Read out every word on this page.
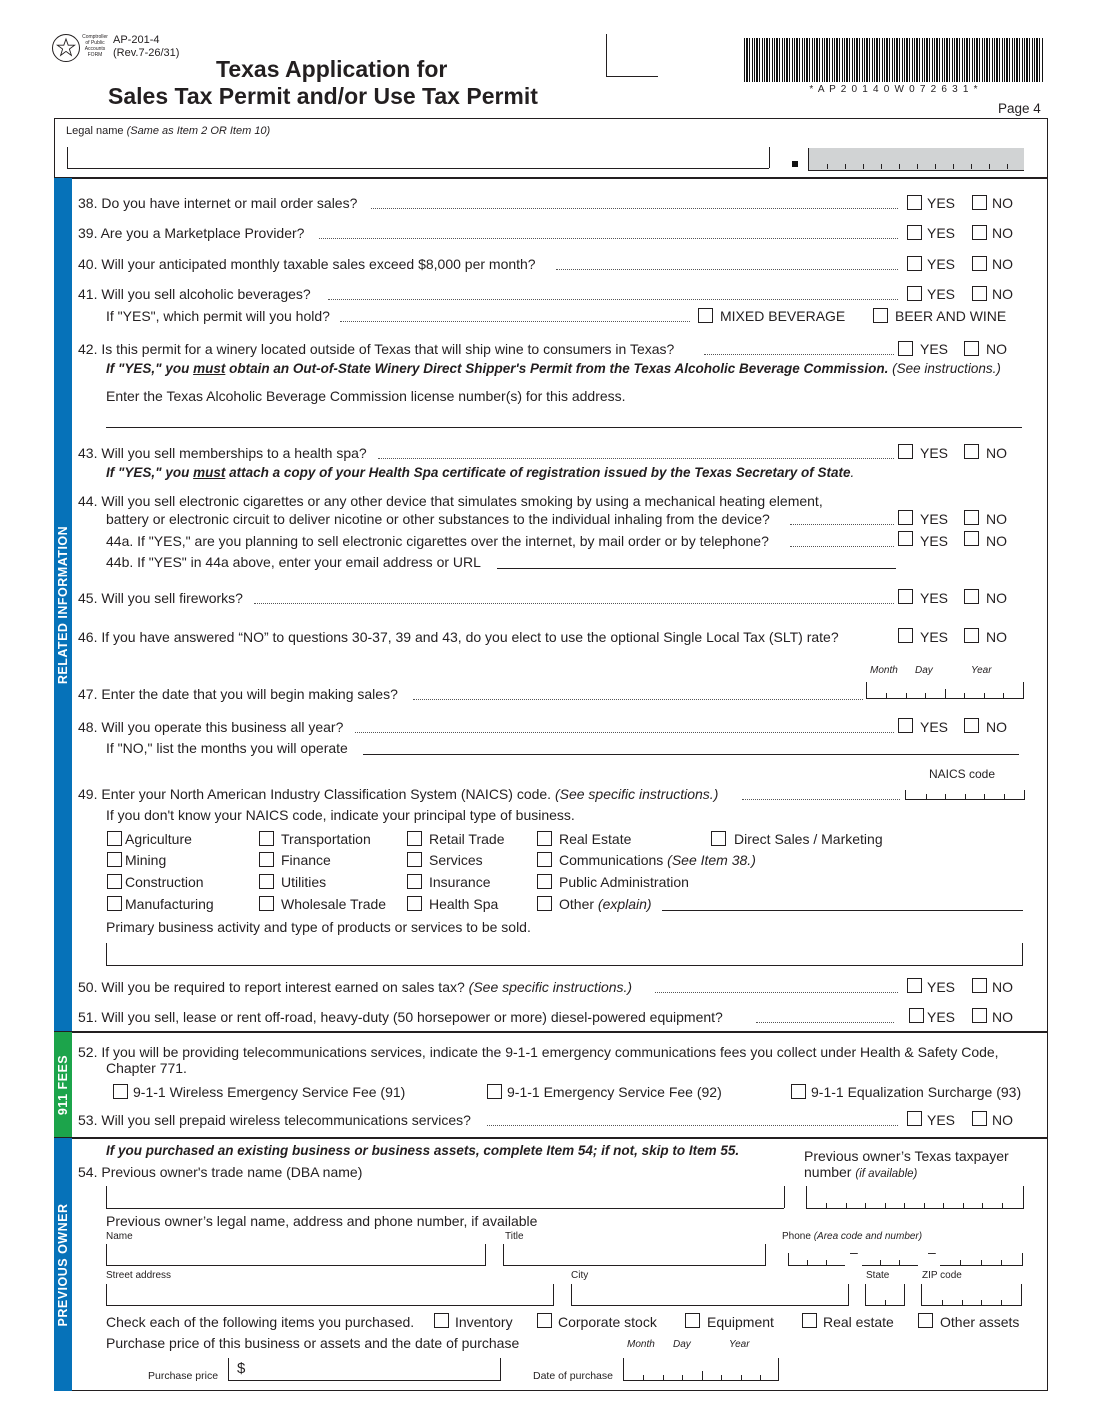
Comptroller of Public Accounts FORM
AP-201-4
(Rev.7-26/31)
Texas Application for
Sales Tax Permit and/or Use Tax Permit	* A P 2 0 1 4 0 W 0 7 2 6 3 1 *
Page 4
Legal name (Same as Item 2 OR Item 10)
RELATED INFORMATION
911 FEES
PREVIOUS OWNER
38. Do you have internet or mail order sales?	YES	NO
39. Are you a Marketplace Provider?	YES	NO
40. Will your anticipated monthly taxable sales exceed $8,000 per month?	YES	NO
41. Will you sell alcoholic beverages?	YES	NO
If "YES", which permit will you hold?	MIXED BEVERAGE	BEER AND WINE
42. Is this permit for a winery located outside of Texas that will ship wine to consumers in Texas?	YES	NO
If "YES," you must obtain an Out-of-State Winery Direct Shipper's Permit from the Texas Alcoholic Beverage Commission. (See instructions.)
Enter the Texas Alcoholic Beverage Commission license number(s) for this address.
43. Will you sell memberships to a health spa?	YES	NO
If "YES," you must attach a copy of your Health Spa certificate of registration issued by the Texas Secretary of State.
44. Will you sell electronic cigarettes or any other device that simulates smoking by using a mechanical heating element,
battery or electronic circuit to deliver nicotine or other substances to the individual inhaling from the device?	YES	NO
44a. If "YES," are you planning to sell electronic cigarettes over the internet, by mail order or by telephone?	YES	NO
44b. If "YES" in 44a above, enter your email address or URL
45. Will you sell fireworks?	YES	NO
46. If you have answered “NO” to questions 30-37, 39 and 43, do you elect to use the optional Single Local Tax (SLT) rate?	YES	NO
Month Day	Year
47. Enter the date that you will begin making sales?
48. Will you operate this business all year?	YES	NO
If "NO," list the months you will operate
NAICS code
49. Enter your North American Industry Classification System (NAICS) code. (See specific instructions.)
If you don't know your NAICS code, indicate your principal type of business.
Agriculture	Transportation	Retail Trade	Real Estate	Direct Sales / Marketing
Mining	Finance	Services	Communications (See Item 38.)
Construction	Utilities	Insurance	Public Administration
Manufacturing	Wholesale Trade	Health Spa	Other (explain)
Primary business activity and type of products or services to be sold.
50. Will you be required to report interest earned on sales tax? (See specific instructions.)	YES	NO
51. Will you sell, lease or rent off-road, heavy-duty (50 horsepower or more) diesel-powered equipment?	YES	NO
52. If you will be providing telecommunications services, indicate the 9-1-1 emergency communications fees you collect under Health & Safety Code,
Chapter 771.
9-1-1 Wireless Emergency Service Fee (91)	9-1-1 Emergency Service Fee (92)	9-1-1 Equalization Surcharge (93)
53. Will you sell prepaid wireless telecommunications services?	YES	NO
If you purchased an existing business or business assets, complete Item 54; if not, skip to Item 55.
54. Previous owner's trade name (DBA name)
Previous owner’s Texas taxpayer
number (if available)
Previous owner’s legal name, address and phone number, if available
Name	Title	Phone (Area code and number)
–	–
Street address	City	State	ZIP code
Check each of the following items you purchased.	Inventory	Corporate stock	Equipment	Real estate	Other assets
Purchase price of this business or assets and the date of purchase	Month Day	Year
Purchase price $	Date of purchase
